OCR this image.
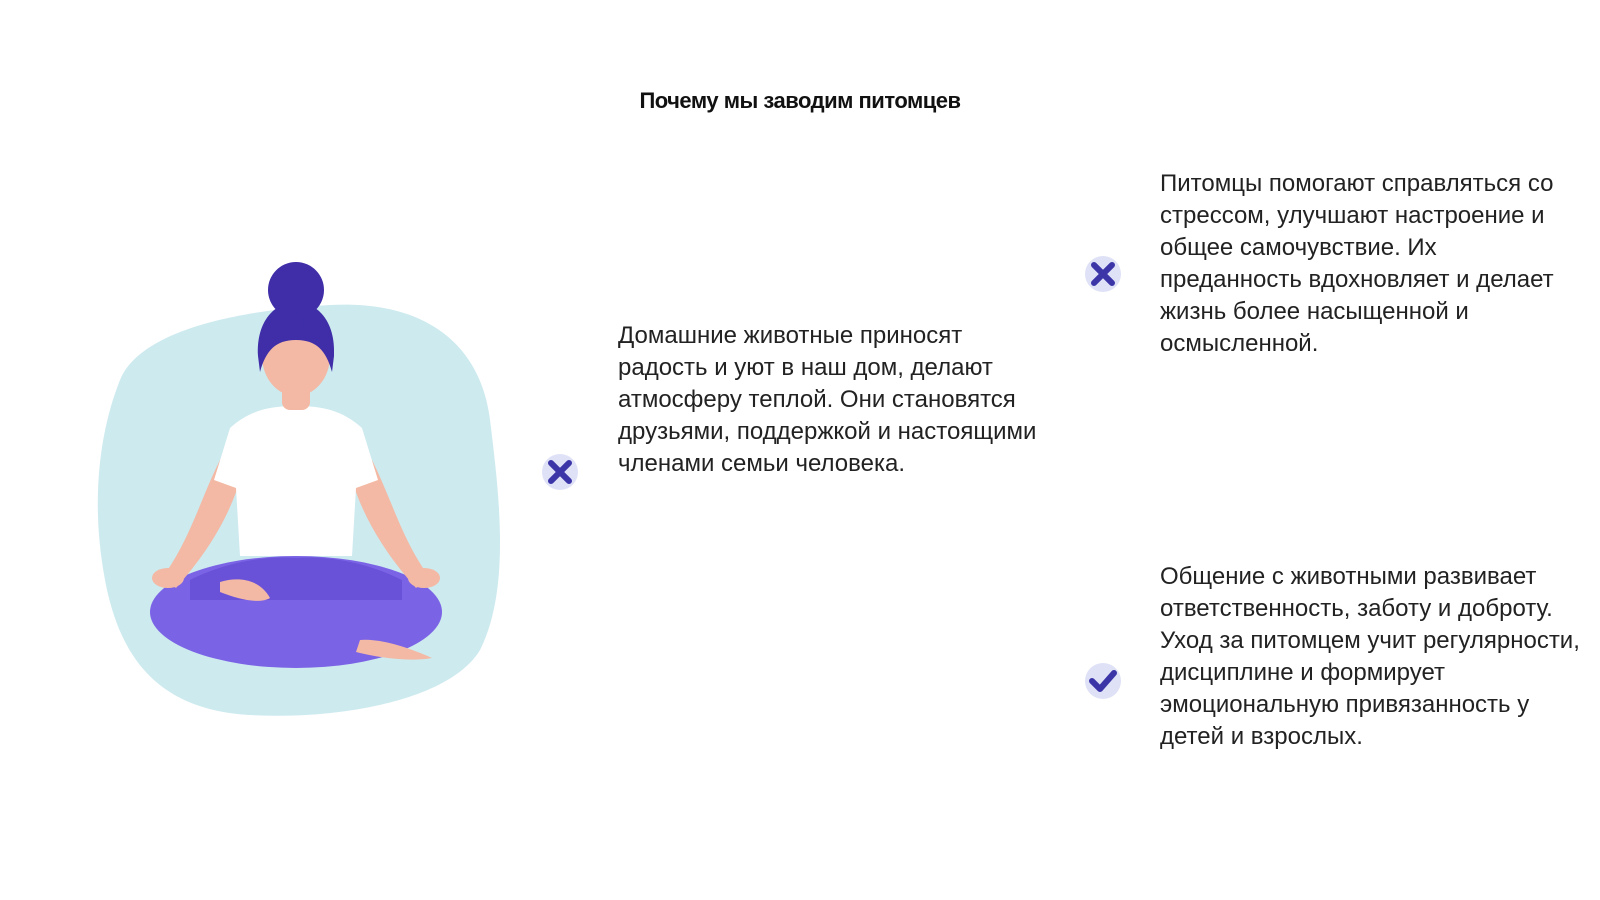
Почему мы заводим питомцев
Домашние животные приносят радость и уют в наш дом, делают атмосферу теплой. Они становятся друзьями, поддержкой и настоящими членами семьи человека.
Питомцы помогают справляться со стрессом, улучшают настроение и общее самочувствие. Их преданность вдохновляет и делает жизнь более насыщенной и осмысленной.
Общение с животными развивает ответственность, заботу и доброту. Уход за питомцем учит регулярности, дисциплине и формирует эмоциональную привязанность у детей и взрослых.
